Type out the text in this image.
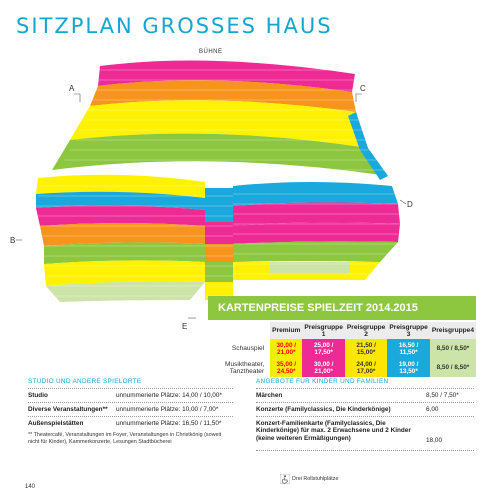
SITZPLAN GROSSES HAUS
BÜHNE
A	C
B
D
E
KARTENPREISE SPIELZEIT 2014.2015
	Premium	Preisgruppe 1	Preisgruppe 2	Preisgruppe 3	Preisgruppe4
Schauspiel	30,00 / 21,00*	25,00 / 17,50*	21,50 / 15,00*	16,50 / 11,50*	8,50 / 8,50*
Musiktheater, Tanztheater	35,00 / 24,50*	30,00 / 21,00*	24,00 / 17,00*	19,00 / 13,50*	8,50 / 8,50*
STUDIO UND ANDERE SPIELORTE
Studio	unnummerierte Plätze: 14,00 / 10,00*
Diverse Veranstaltungen** unnummerierte Plätze: 10,00 / 7,00*
Außenspielstätten	unnummerierte Plätze: 16,50 / 11,50*
** Theatercafé, Veranstaltungen im Foyer, Veranstaltungen in Christkönig (soweit nicht für Kinder), Kammerkonzerte, Lesungen Stadtbücherei
ANGEBOTE FÜR KINDER UND FAMILIEN
Märchen	8,50 / 7,50*
Konzerte (Familyclassics, Die Kinderkönige)	6,00
Konzert-Familienkarte (Familyclassics, Die Kinderkönige) für max. 2 Erwachsene und 2 Kinder (keine weiteren Ermäßigungen)	18,00
Drei Rollstuhlplätze
140
